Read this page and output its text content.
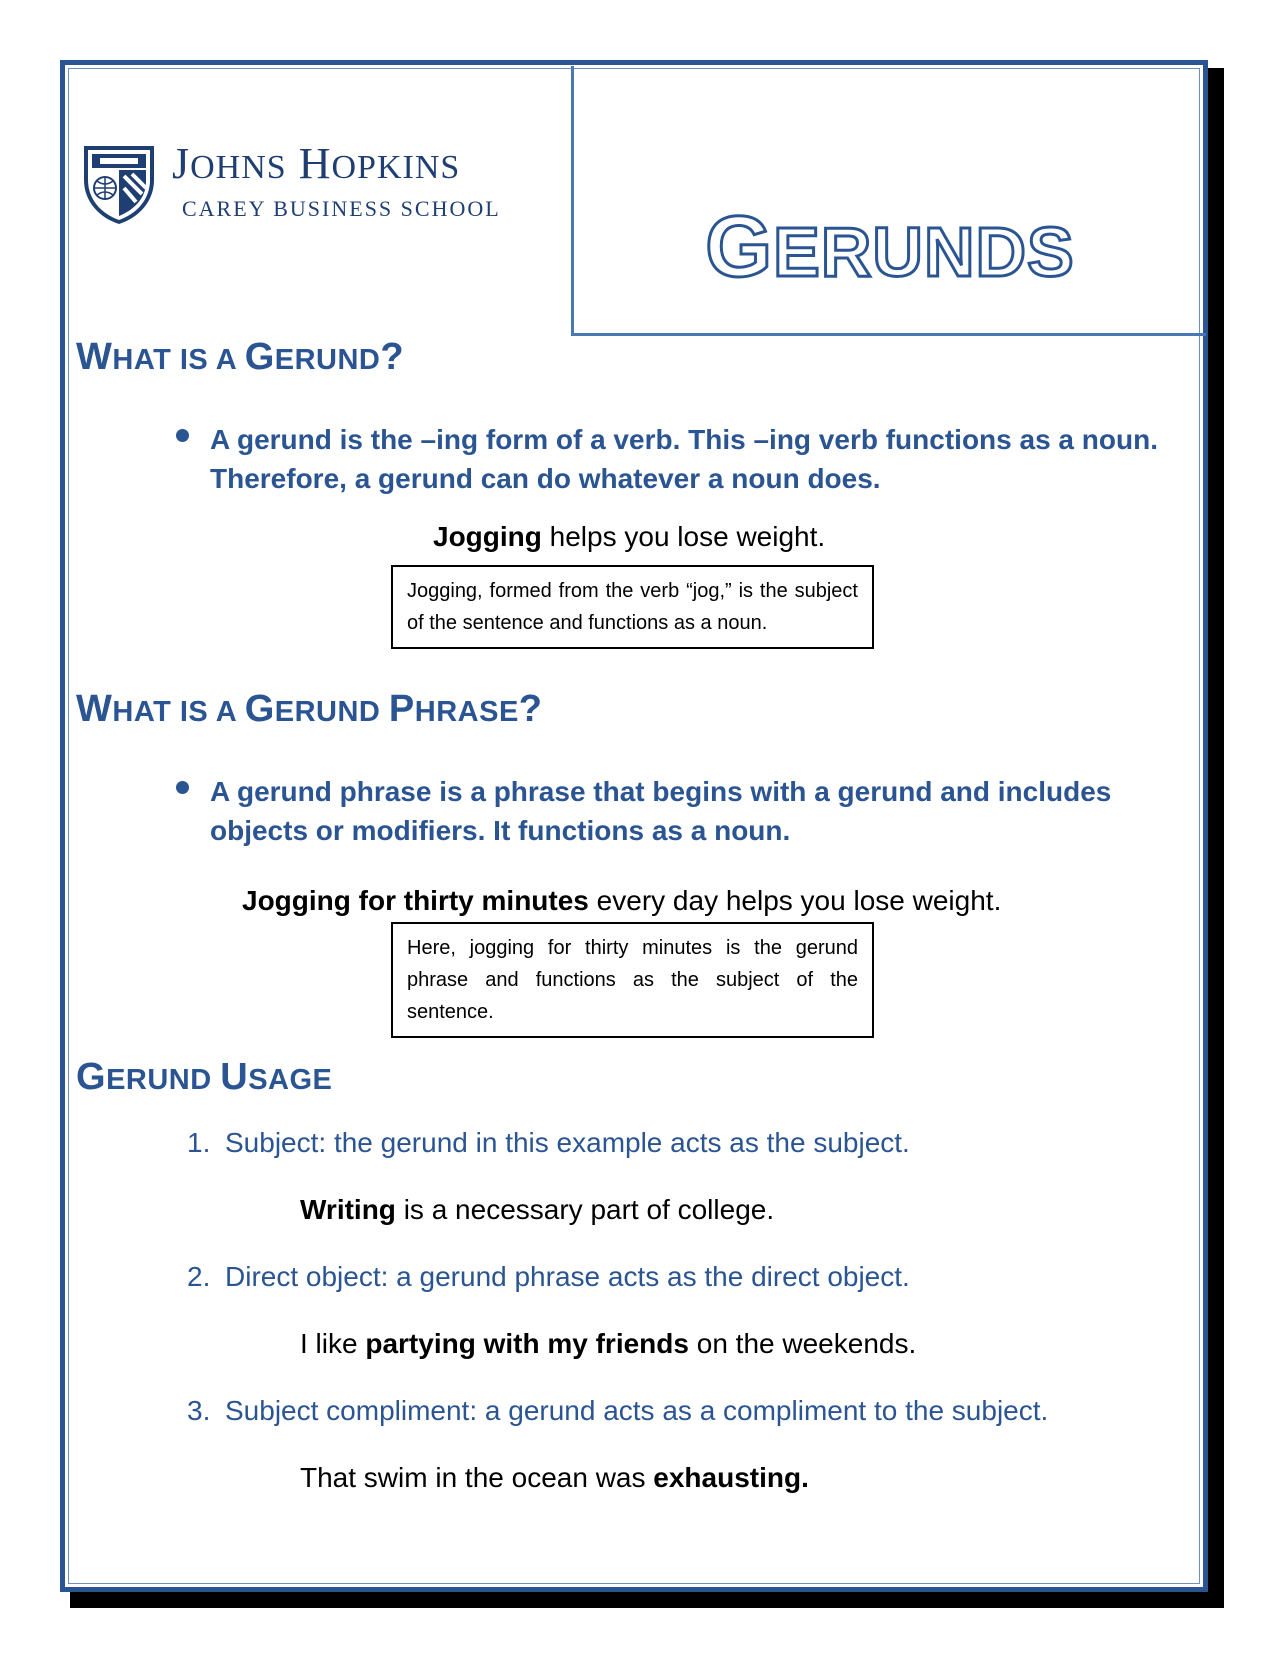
GERUNDS
JOHNS HOPKINS
CAREY BUSINESS SCHOOL
WHAT IS A GERUND?
A gerund is the –ing form of a verb. This –ing verb functions as a noun. Therefore, a gerund can do whatever a noun does.
Jogging helps you lose weight.
Jogging, formed from the verb “jog,” is the subject of the sentence and functions as a noun.
WHAT IS A GERUND PHRASE?
A gerund phrase is a phrase that begins with a gerund and includes objects or modifiers. It functions as a noun.
Jogging for thirty minutes every day helps you lose weight.
Here, jogging for thirty minutes is the gerund phrase and functions as the subject of the sentence.
GERUND USAGE
1. Subject: the gerund in this example acts as the subject.
Writing is a necessary part of college.
2. Direct object: a gerund phrase acts as the direct object.
I like partying with my friends on the weekends.
3. Subject compliment: a gerund acts as a compliment to the subject.
That swim in the ocean was exhausting.
